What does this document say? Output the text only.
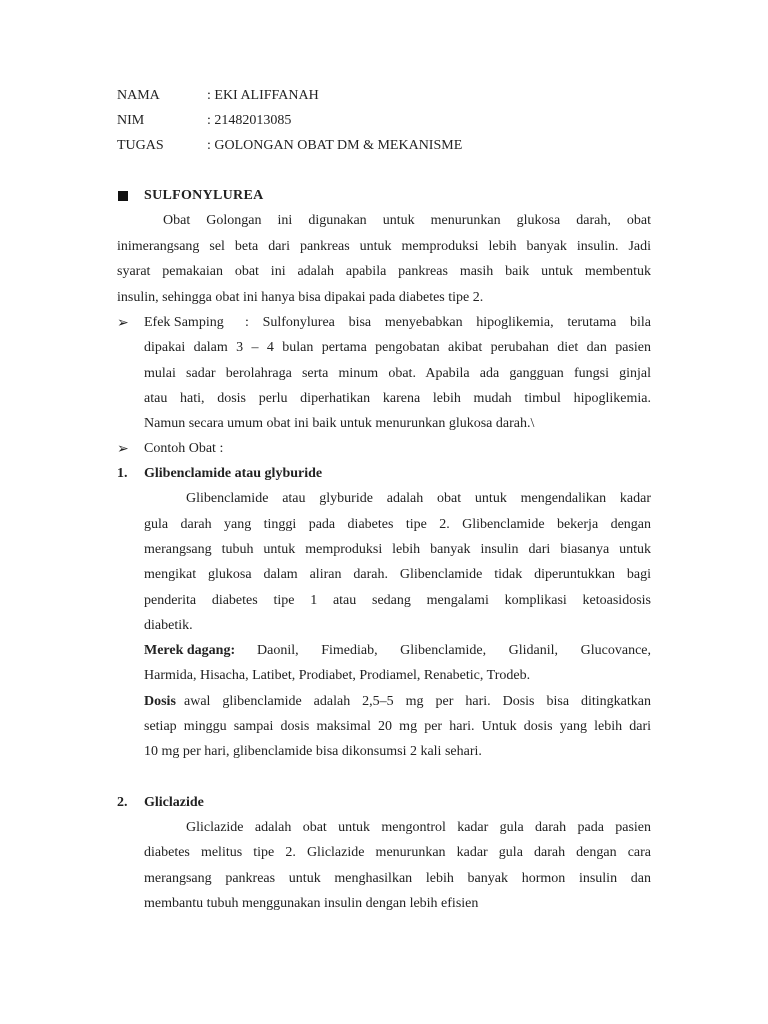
NAMA	: EKI ALIFFANAH
NIM	: 21482013085
TUGAS	: GOLONGAN OBAT DM & MEKANISME
SULFONYLUREA
Obat Golongan ini digunakan untuk menurunkan glukosa darah, obat
inimerangsang sel beta dari pankreas untuk memproduksi lebih banyak insulin. Jadi
syarat pemakaian obat ini adalah apabila pankreas masih baik untuk membentuk
insulin, sehingga obat ini hanya bisa dipakai pada diabetes tipe 2.
➢ Efek Samping : Sulfonylurea bisa menyebabkan hipoglikemia, terutama bila
dipakai dalam 3 – 4 bulan pertama pengobatan akibat perubahan diet dan pasien
mulai sadar berolahraga serta minum obat. Apabila ada gangguan fungsi ginjal
atau hati, dosis perlu diperhatikan karena lebih mudah timbul hipoglikemia.
Namun secara umum obat ini baik untuk menurunkan glukosa darah.\
➢ Contoh Obat :
1. Glibenclamide atau glyburide
Glibenclamide atau glyburide adalah obat untuk mengendalikan kadar
gula darah yang tinggi pada diabetes tipe 2. Glibenclamide bekerja dengan
merangsang tubuh untuk memproduksi lebih banyak insulin dari biasanya untuk
mengikat glukosa dalam aliran darah. Glibenclamide tidak diperuntukkan bagi
penderita diabetes tipe 1 atau sedang mengalami komplikasi ketoasidosis
diabetik.
Merek dagang: Daonil, Fimediab, Glibenclamide, Glidanil, Glucovance,
Harmida, Hisacha, Latibet, Prodiabet, Prodiamel, Renabetic, Trodeb.
Dosis awal glibenclamide adalah 2,5–5 mg per hari. Dosis bisa ditingkatkan
setiap minggu sampai dosis maksimal 20 mg per hari. Untuk dosis yang lebih dari
10 mg per hari, glibenclamide bisa dikonsumsi 2 kali sehari.
2. Gliclazide
Gliclazide adalah obat untuk mengontrol kadar gula darah pada pasien
diabetes melitus tipe 2. Gliclazide menurunkan kadar gula darah dengan cara
merangsang pankreas untuk menghasilkan lebih banyak hormon insulin dan
membantu tubuh menggunakan insulin dengan lebih efisien
